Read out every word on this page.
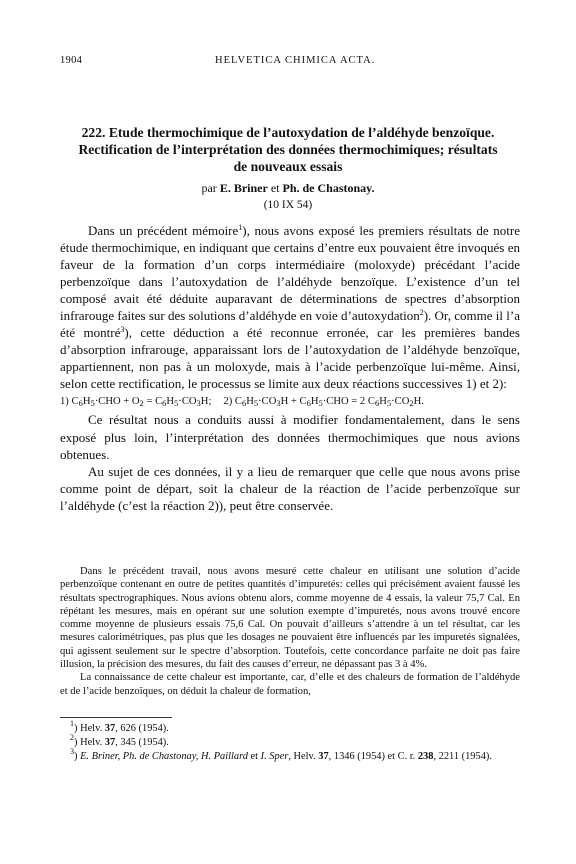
1904	HELVETICA CHIMICA ACTA.
222. Etude thermochimique de l’autoxydation de l’aldéhyde benzoïque. Rectification de l’interprétation des données thermochimiques; résultats de nouveaux essais
par E. Briner et Ph. de Chastonay.
(10 IX 54)

Dans un précédent mémoire$^1$), nous avons exposé les premiers résultats de notre étude thermochimique, en indiquant que certains d’entre eux pouvaient être invoqués en faveur de la formation d’un corps intermédiaire (moloxyde) précédant l’acide perbenzoïque dans l’autoxydation de l’aldéhyde benzoïque. L’existence d’un tel composé avait été déduite auparavant de déterminations de spectres d’absorption infrarouge faites sur des solutions d’aldéhyde en voie d’autoxydation$^2$). Or, comme il l’a été montré$^3$), cette déduction a été reconnue erronée, car les premières bandes d’absorption infrarouge, apparaissant lors de l’autoxydation de l’aldéhyde benzoïque, appartiennent, non pas à un moloxyde, mais à l’acide perbenzoïque lui-même. Ainsi, selon cette rectification, le processus se limite aux deux réactions successives 1) et 2):

1) $C_6H_5\cdot CHO + O_2 = C_6H_5\cdot CO_3H$; 2) $C_6H_5\cdot CO_3H + C_6H_5\cdot CHO = 2$ $C_6H_5\cdot CO_2H$.

Ce résultat nous a conduits aussi à modifier fondamentalement, dans le sens exposé plus loin, l’interprétation des données thermochimiques que nous avions obtenues.

Au sujet de ces données, il y a lieu de remarquer que celle que nous avons prise comme point de départ, soit la chaleur de la réaction de l’acide perbenzoïque sur l’aldéhyde (c’est la réaction 2)), peut être conservée.

Dans le précédent travail, nous avons mesuré cette chaleur en utilisant une solution d’acide perbenzoïque contenant en outre de petites quantités d’impuretés: celles qui précisément avaient faussé les résultats spectrographiques. Nous avions obtenu alors, comme moyenne de 4 essais, la valeur 75,7 Cal. En répétant les mesures, mais en opérant sur une solution exempte d’impuretés, nous avons trouvé encore comme moyenne de plusieurs essais 75,6 Cal. On pouvait d’ailleurs s’attendre à un tel résultat, car les mesures calorimétriques, pas plus que les dosages ne pouvaient être influencés par les impuretés signalées, qui agissent seulement sur le spectre d’absorption. Toutefois, cette concordance parfaite ne doit pas faire illusion, la précision des mesures, du fait des causes d’erreur, ne dépassant pas 3 à 4%.

La connaissance de cette chaleur est importante, car, d’elle et des chaleurs de formation de l’aldéhyde et de l’acide benzoïques, on déduit la chaleur de formation,

$^1$) Helv. 37, 626 (1954).

$^2$) Helv. 37, 345 (1954).

$^3$) E. Briner, Ph. de Chastonay, H. Paillard et I. Sper, Helv. 37, 1346 (1954) et C. r. 238, 2211 (1954).
